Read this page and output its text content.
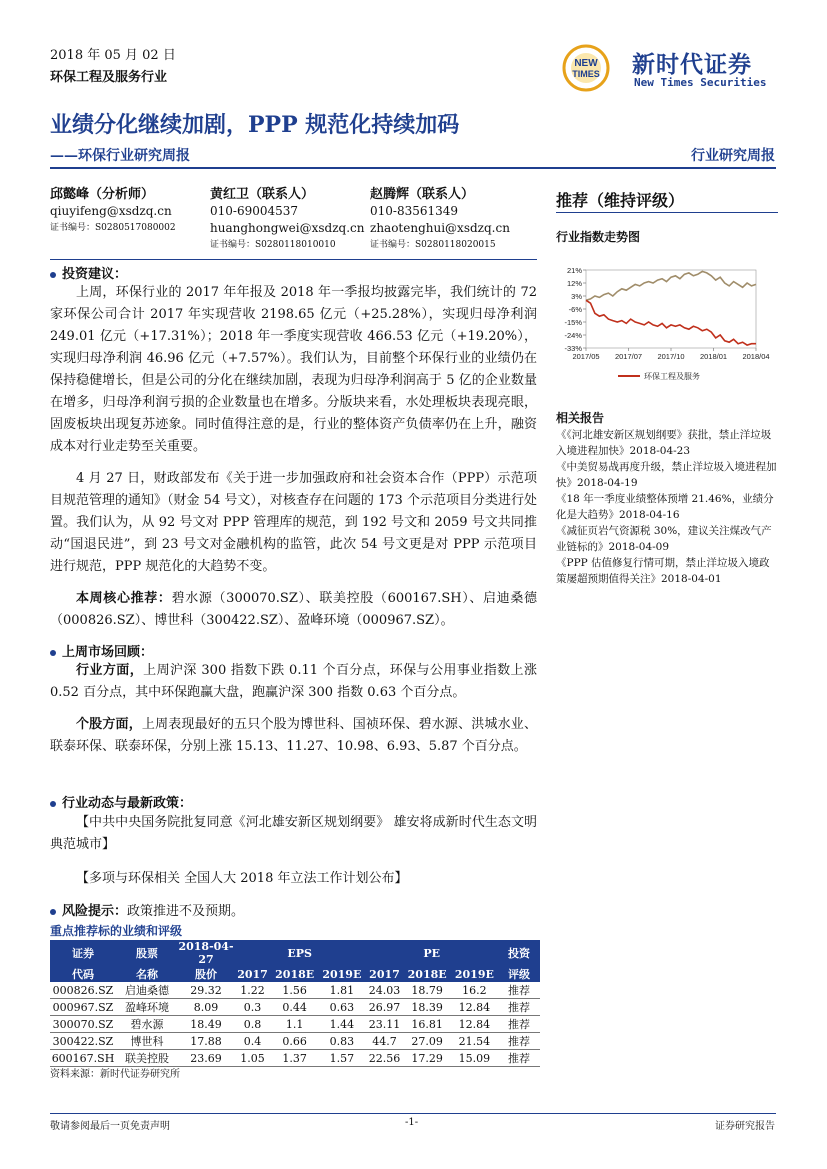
2018 年 05 月 02 日
环保工程及服务行业
NEW
TIMES 新时代证券
New Times Securities
业绩分化继续加剧，PPP 规范化持续加码
——环保行业研究周报	行业研究周报
邱懿峰（分析师）
qiuyifeng@xsdzq.cn
证书编号：S0280517080002
黄红卫（联系人）
010-69004537
huanghongwei@xsdzq.cn
证书编号：S0280118010010
赵腾辉（联系人）
010-83561349
zhaotenghui@xsdzq.cn
证书编号：S0280118020015
推荐（维持评级）
行业指数走势图
21%
12%
3%
-6%
-15%
-24%
-33%
2017/05 2017/07 2017/10 2018/01 2018/04
环保工程及服务
相关报告
《《河北雄安新区规划纲要》获批，禁止洋垃圾入境进程加快》2018-04-23
《中美贸易战再度升级，禁止洋垃圾入境进程加快》2018-04-19
《18 年一季度业绩整体预增 21.46%，业绩分化是大趋势》2018-04-16
《减征页岩气资源税 30%，建议关注煤改气产业链标的》2018-04-09
《PPP 估值修复行情可期，禁止洋垃圾入境政策屡超预期值得关注》2018-04-01
投资建议：

上周，环保行业的 2017 年年报及 2018 年一季报均披露完毕，我们统计的 72 家环保公司合计 2017 年实现营收 2198.65 亿元（+25.28%），实现归母净利润 249.01 亿元（+17.31%）；2018 年一季度实现营收 466.53 亿元（+19.20%），实现归母净利润 46.96 亿元（+7.57%）。我们认为，目前整个环保行业的业绩仍在保持稳健增长，但是公司的分化在继续加剧，表现为归母净利润高于 5 亿的企业数量在增多，归母净利润亏损的企业数量也在增多。分版块来看，水处理板块表现亮眼，固废板块出现复苏迹象。同时值得注意的是，行业的整体资产负债率仍在上升，融资成本对行业走势至关重要。

4 月 27 日，财政部发布《关于进一步加强政府和社会资本合作（PPP）示范项目规范管理的通知》（财金 54 号文），对核查存在问题的 173 个示范项目分类进行处置。我们认为，从 92 号文对 PPP 管理库的规范，到 192 号文和 2059 号文共同推动“国退民进”，到 23 号文对金融机构的监管，此次 54 号文更是对 PPP 示范项目进行规范，PPP 规范化的大趋势不变。

本周核心推荐：碧水源（300070.SZ）、联美控股（600167.SH）、启迪桑德（000826.SZ）、博世科（300422.SZ）、盈峰环境（000967.SZ）。

上周市场回顾：

行业方面，上周沪深 300 指数下跌 0.11 个百分点，环保与公用事业指数上涨 0.52 百分点，其中环保跑赢大盘，跑赢沪深 300 指数 0.63 个百分点。

个股方面，上周表现最好的五只个股为博世科、国祯环保、碧水源、洪城水业、联泰环保、联泰环保，分别上涨 15.13、11.27、10.98、6.93、5.87 个百分点。

行业动态与最新政策：

【中共中央国务院批复同意《河北雄安新区规划纲要》 雄安将成新时代生态文明典范城市】

【多项与环保相关 全国人大 2018 年立法工作计划公布】

风险提示：政策推进不及预期。
重点推荐标的业绩和评级
证券	股票	2018-04-27	EPS			PE			投资
代码	名称	股价	2017	2018E	2019E	2017	2018E	2019E	评级
000826.SZ	启迪桑德	29.32	1.22	1.56	1.81	24.03	18.79	16.2	推荐
000967.SZ	盈峰环境	8.09	0.3	0.44	0.63	26.97	18.39	12.84	推荐
300070.SZ	碧水源	18.49	0.8	1.1	1.44	23.11	16.81	12.84	推荐
300422.SZ	博世科	17.88	0.4	0.66	0.83	44.7	27.09	21.54	推荐
600167.SH	联美控股	23.69	1.05	1.37	1.57	22.56	17.29	15.09	推荐
资料来源：新时代证券研究所
敬请参阅最后一页免责声明	-1-	证券研究报告
